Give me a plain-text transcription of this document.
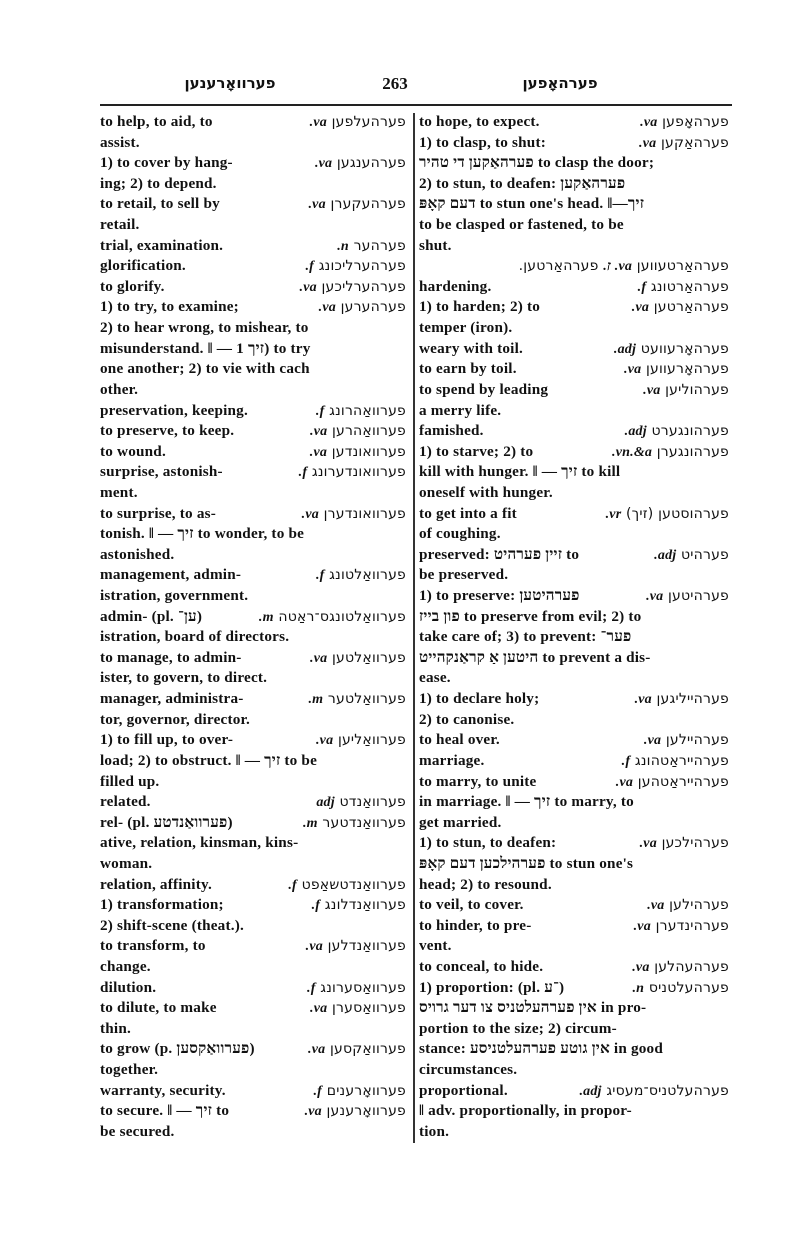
פערוואָרענען	263	פערהאָפען
to help, to aid, to	פערהעלפען va.
assist.
1) to cover by hang-	פערהענגען va.
ing; 2) to depend.
to retail, to sell by	פערהעקערן va.
retail.
trial, examination.	פערהער n.
glorification.	פערהערליכונג f.
to glorify.	פערהערליכען va.
1) to try, to examine;	פערהערען va.
2) to hear wrong, to mishear, to
misunderstand. ‖ — זיך 1) to try
one another; 2) to vie with cach
other.
preservation, keeping.	פערוואַהרונג f.
to preserve, to keep.	פערוואַהרען va.
to wound.	פערוואונדען va.
surprise, astonish-	פערוואונדערונג f.
ment.
to surprise, to as-	פערוואונדערן va.
tonish. ‖ — זיך to wonder, to be
astonished.
management, admin-	פערוואַלטונג f.
istration, government.
admin- (pl. ען־)	פערוואַלטונגס־ראַטה m.
istration, board of directors.
to manage, to admin-	פערוואַלטען va.
ister, to govern, to direct.
manager, administra-	פערוואַלטער m.
tor, governor, director.
1) to fill up, to over-	פערוואַליען va.
load; 2) to obstruct. ‖ — זיך to be
filled up.
related.	פערוואַנדט adj
rel- (pl. פערוואַנדטע)	פערוואַנדטער m.
ative, relation, kinsman, kins-
woman.
relation, affinity.	פערוואַנדטשאַפט f.
1) transformation;	פערוואַנדלונג f.
2) shift-scene (theat.).
to transform, to	פערוואַנדלען va.
change.
dilution.	פערוואַסערונג f.
to dilute, to make	פערוואַסערן va.
thin.
to grow (p. פערוואַקסען)	פערוואַקסען va.
together.
warranty, security.	פערוואָרענים f.
to secure. ‖ — זיך to	פערוואָרענען va.
be secured.
to hope, to expect.	פערהאָפען va.
1) to clasp, to shut:	פערהאַקען va.
פערהאַקען די טהיר to clasp the door;
2) to stun, to deafen: פערהאַקען
דעם קאָפּ to stun one's head. ‖—זיך
to be clasped or fastened, to be
shut.
פערהאַרטעווען va. ז. פערהאַרטען.
hardening.	פערהאַרטונג f.
1) to harden; 2) to	פערהאַרטען va.
temper (iron).
weary with toil.	פערהאָרעוועט adj.
to earn by toil.	פערהאָרעווען va.
to spend by leading	פערהוליען va.
a merry life.
famished.	פערהונגערט adj.
1) to starve; 2) to	פערהונגערן vn.&a.
kill with hunger. ‖ — זיך to kill
oneself with hunger.
to get into a fit	פערהוסטען (זיך) vr.
of coughing.
preserved: זיין פערהיט to	פערהיט adj.
be preserved.
1) to preserve: פערהיטען	פערהיטען va.
פון בייז to preserve from evil; 2) to
take care of; 3) to prevent: פער־
היטען אַ קראַנקהייט to prevent a dis-
ease.
1) to declare holy;	פערהייליגען va.
2) to canonise.
to heal over.	פערהיילען va.
marriage.	פערהייראַטהונג f.
to marry, to unite	פערהייראַטהען va.
in marriage. ‖ — זיך to marry, to
get married.
1) to stun, to deafen:	פערהילכען va.
פערהילכען דעם קאָפּ to stun one's
head; 2) to resound.
to veil, to cover.	פערהילען va.
to hinder, to pre-	פערהינדערן va.
vent.
to conceal, to hide.	פערהעהלען va.
1) proportion: (pl. ־ע)	פערהעלטניס n.
אין פערהעלטניס צו דער גרויס in pro-
portion to the size; 2) circum-
stance: אין גוטע פערהעלטניסע in good
circumstances.
proportional.	פערהעלטניס־מעסיג adj.
‖ adv. proportionally, in propor-
tion.
